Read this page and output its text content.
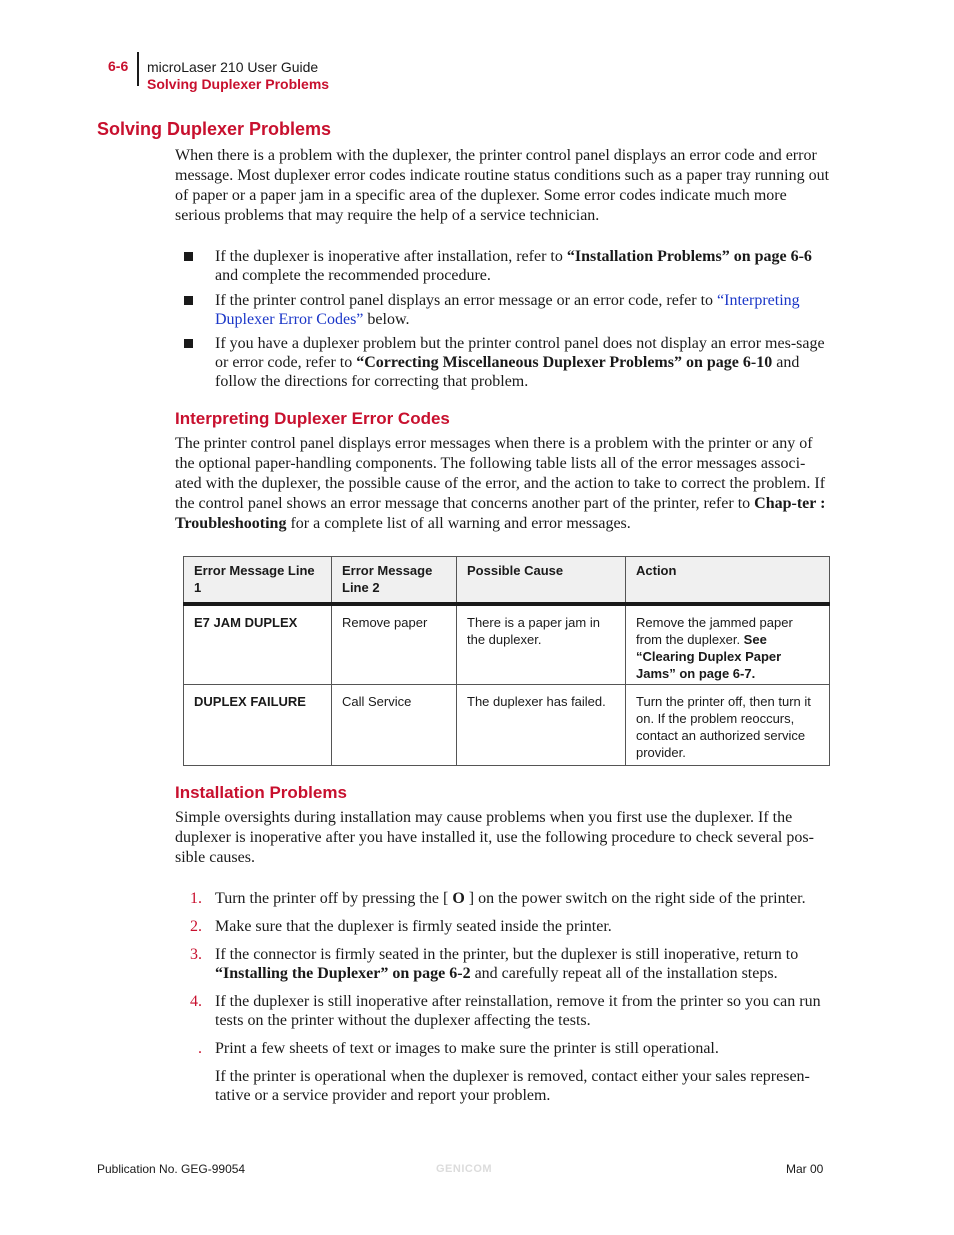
6-6 microLaser 210 User Guide
Solving Duplexer Problems
Solving Duplexer Problems

When there is a problem with the duplexer, the printer control panel displays an error code and error message. Most duplexer error codes indicate routine status conditions such as a paper tray running out of paper or a paper jam in a specific area of the duplexer. Some error codes indicate much more serious problems that may require the help of a service technician.

If the duplexer is inoperative after installation, refer to “Installation Problems” on page 6-6 and complete the recommended procedure.
If the printer control panel displays an error message or an error code, refer to “Interpreting Duplexer Error Codes” below.
If you have a duplexer problem but the printer control panel does not display an error mes-sage or error code, refer to “Correcting Miscellaneous Duplexer Problems” on page 6-10 and follow the directions for correcting that problem.
Interpreting Duplexer Error Codes

The printer control panel displays error messages when there is a problem with the printer or any of the optional paper-handling components. The following table lists all of the error messages associ-ated with the duplexer, the possible cause of the error, and the action to take to correct the problem. If the control panel shows an error message that concerns another part of the printer, refer to Chap-ter : Troubleshooting for a complete list of all warning and error messages.

Error Message Line 1	Error Message Line 2	Possible Cause	Action
E7 JAM DUPLEX	Remove paper	There is a paper jam in the duplexer.	Remove the jammed paper from the duplexer. See “Clearing Duplex Paper Jams” on page 6-7.
DUPLEX FAILURE	Call Service	The duplexer has failed.	Turn the printer off, then turn it on. If the problem reoccurs, contact an authorized service provider.
Installation Problems

Simple oversights during installation may cause problems when you first use the duplexer. If the duplexer is inoperative after you have installed it, use the following procedure to check several pos-sible causes.

1. Turn the printer off by pressing the [ O ] on the power switch on the right side of the printer.
2. Make sure that the duplexer is firmly seated inside the printer.
3. If the connector is firmly seated in the printer, but the duplexer is still inoperative, return to “Installing the Duplexer” on page 6-2 and carefully repeat all of the installation steps.
4. If the duplexer is still inoperative after reinstallation, remove it from the printer so you can run tests on the printer without the duplexer affecting the tests.
. Print a few sheets of text or images to make sure the printer is still operational.
If the printer is operational when the duplexer is removed, contact either your sales represen-tative or a service provider and report your problem.
Publication No. GEG-99054	GENICOM	Mar 00
